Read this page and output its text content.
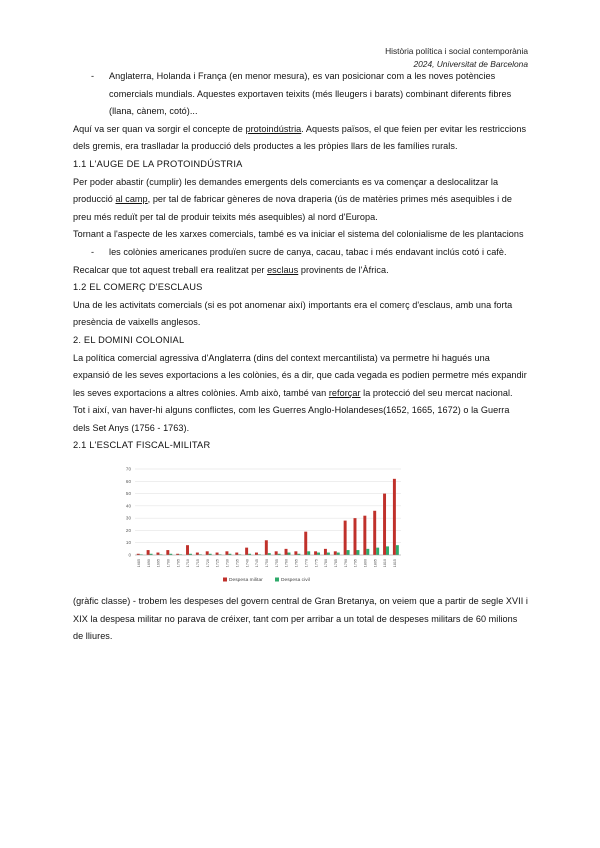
Història política i social contemporània
2024, Universitat de Barcelona
-	Anglaterra, Holanda i França (en menor mesura), es van posicionar com a les noves potències comercials mundials. Aquestes exportaven teixits (més lleugers i barats) combinant diferents fibres (llana, cànem, cotó)...

Aquí va ser quan va sorgir el concepte de protoindústria. Aquests països, el que feien per evitar les restriccions dels gremis, era traslladar la producció dels productes a les pròpies llars de les famílies rurals.

1.1 L'AUGE DE LA PROTOINDÚSTRIA

Per poder abastir (cumplir) les demandes emergents dels comerciants es va començar a deslocalitzar la producció al camp, per tal de fabricar gèneres de nova draperia (ús de matèries primes més asequibles i de preu més reduït per tal de produir teixits més asequibles) al nord d'Europa.

Tornant a l'aspecte de les xarxes comercials, també es va iniciar el sistema del colonialisme de les plantacions

-	les colònies americanes produïen sucre de canya, cacau, tabac i més endavant inclús cotó i cafè.

Recalcar que tot aquest treball era realitzat per esclaus provinents de l'Àfrica.

1.2 EL COMERÇ D'ESCLAUS

Una de les activitats comercials (si es pot anomenar així) importants era el comerç d'esclaus, amb una forta presència de vaixells anglesos.

2. EL DOMINI COLONIAL

La política comercial agressiva d'Anglaterra (dins del context mercantilista) va permetre hi hagués una expansió de les seves exportacions a les colònies, és a dir, que cada vegada es podien permetre més expandir les seves exportacions a altres colònies. Amb això, també van reforçar la protecció del seu mercat nacional.

Tot i així, van haver-hi alguns conflictes, com les Guerres Anglo-Holandeses(1652, 1665, 1672) o la Guerra dels Set Anys (1756 - 1763).

2.1 L'ESCLAT FISCAL-MILITAR
0
10
20
30
40
50
60
70
1685 1690 1695 1700 1705 1710 1715 1720 1725 1730 1735 1740 1745 1750 1755 1760 1765 1770 1775 1780 1785 1790 1795 1800 1805 1810 1815
Despesa militar	Despesa civil

(gràfic classe) - trobem les despeses del govern central de Gran Bretanya, on veiem que a partir de segle XVII i XIX la despesa militar no parava de créixer, tant com per arribar a un total de despeses militars de 60 milions de lliures.
